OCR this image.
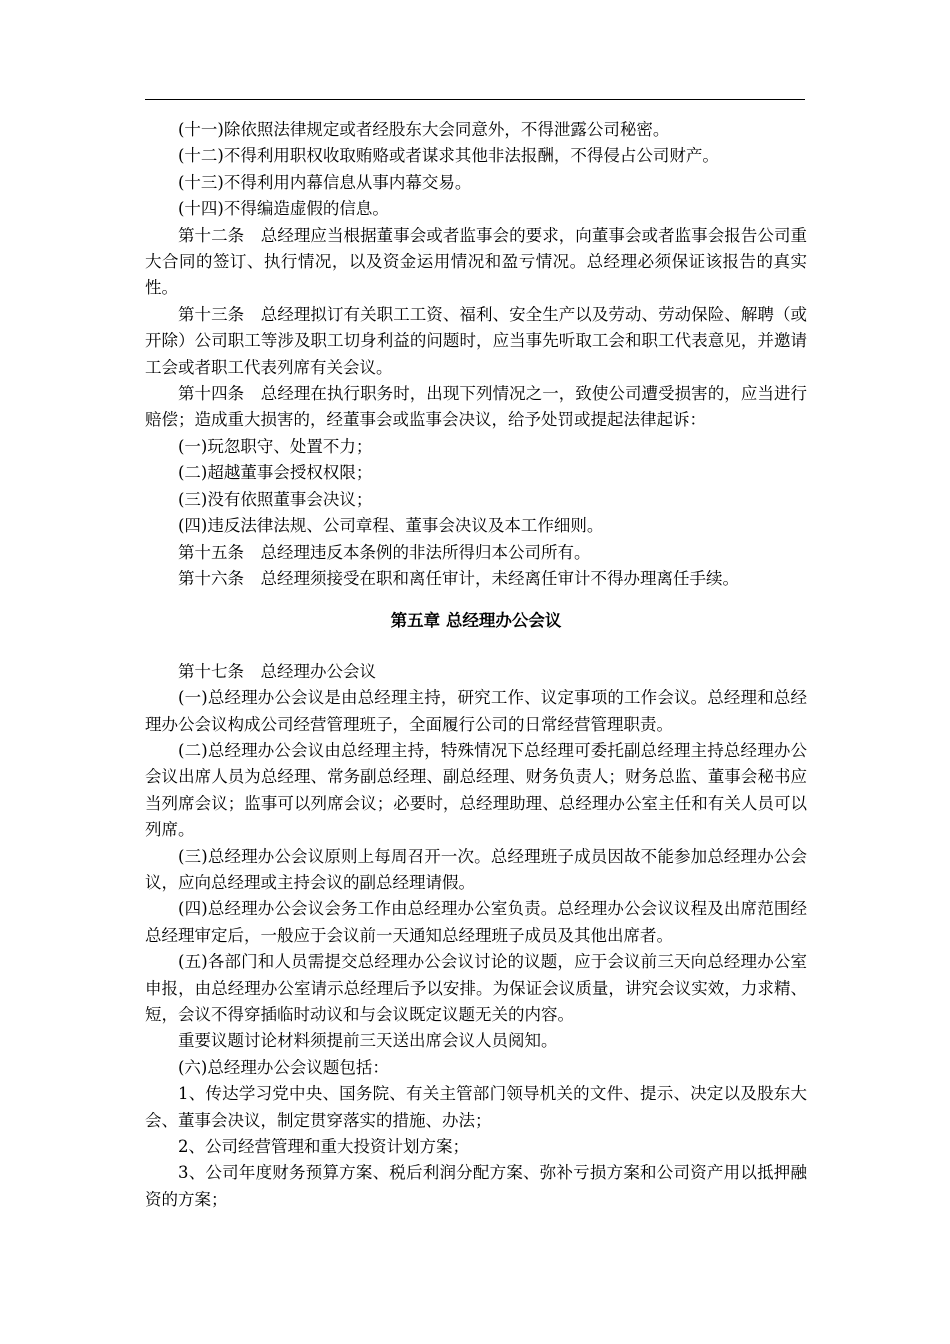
(十一)除依照法律规定或者经股东大会同意外，不得泄露公司秘密。

(十二)不得利用职权收取贿赂或者谋求其他非法报酬，不得侵占公司财产。

(十三)不得利用内幕信息从事内幕交易。

(十四)不得编造虚假的信息。

第十二条　总经理应当根据董事会或者监事会的要求，向董事会或者监事会报告公司重大合同的签订、执行情况，以及资金运用情况和盈亏情况。总经理必须保证该报告的真实性。

第十三条　总经理拟订有关职工工资、福利、安全生产以及劳动、劳动保险、解聘（或开除）公司职工等涉及职工切身利益的问题时，应当事先听取工会和职工代表意见，并邀请工会或者职工代表列席有关会议。

第十四条　总经理在执行职务时，出现下列情况之一，致使公司遭受损害的，应当进行赔偿；造成重大损害的，经董事会或监事会决议，给予处罚或提起法律起诉：

(一)玩忽职守、处置不力；

(二)超越董事会授权权限；

(三)没有依照董事会决议；

(四)违反法律法规、公司章程、董事会决议及本工作细则。

第十五条　总经理违反本条例的非法所得归本公司所有。

第十六条　总经理须接受在职和离任审计，未经离任审计不得办理离任手续。

第五章 总经理办公会议

第十七条　总经理办公会议

(一)总经理办公会议是由总经理主持，研究工作、议定事项的工作会议。总经理和总经理办公会议构成公司经营管理班子，全面履行公司的日常经营管理职责。

(二)总经理办公会议由总经理主持，特殊情况下总经理可委托副总经理主持总经理办公会议出席人员为总经理、常务副总经理、副总经理、财务负责人；财务总监、董事会秘书应当列席会议；监事可以列席会议；必要时，总经理助理、总经理办公室主任和有关人员可以列席。

(三)总经理办公会议原则上每周召开一次。总经理班子成员因故不能参加总经理办公会议，应向总经理或主持会议的副总经理请假。

(四)总经理办公会议会务工作由总经理办公室负责。总经理办公会议议程及出席范围经总经理审定后，一般应于会议前一天通知总经理班子成员及其他出席者。

(五)各部门和人员需提交总经理办公会议讨论的议题，应于会议前三天向总经理办公室申报，由总经理办公室请示总经理后予以安排。为保证会议质量，讲究会议实效，力求精、短，会议不得穿插临时动议和与会议既定议题无关的内容。

重要议题讨论材料须提前三天送出席会议人员阅知。

(六)总经理办公会议题包括：

1、传达学习党中央、国务院、有关主管部门领导机关的文件、提示、决定以及股东大会、董事会决议，制定贯穿落实的措施、办法；

2、公司经营管理和重大投资计划方案；

3、公司年度财务预算方案、税后利润分配方案、弥补亏损方案和公司资产用以抵押融资的方案；
